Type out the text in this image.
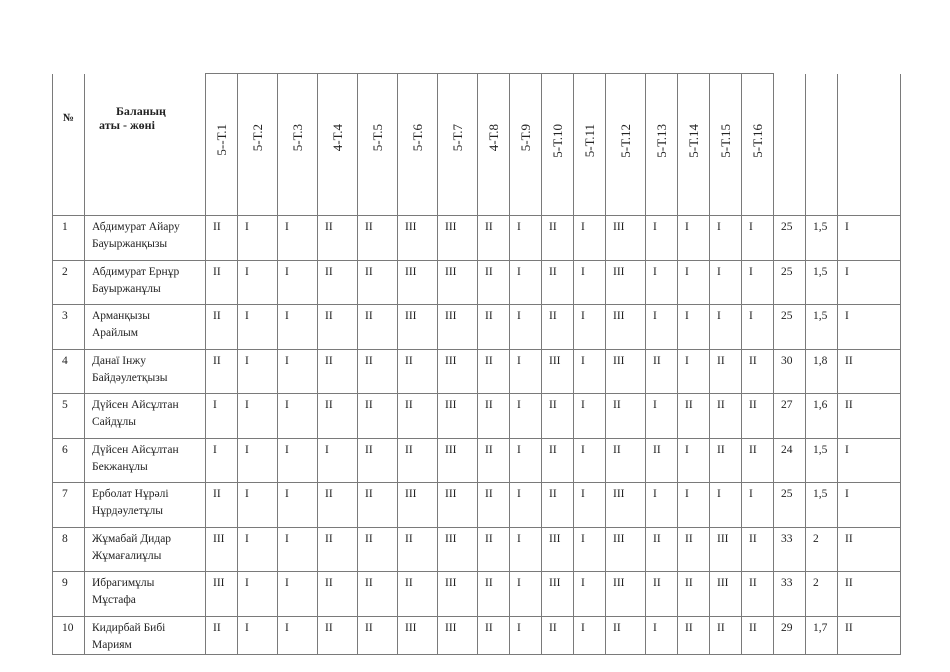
№	Баланың
аты - жөні	5--Т.1	5-Т.2	5-Т.3	4-Т.4	5-Т.5	5-Т.6	5-Т.7	4-Т.8	5-Т.9	5-Т.10	5-Т.11	5-Т.12	5-Т.13	5-Т.14	5-Т.15	5-Т.16			

1	Абдимурат Айару
Бауыржанқызы	II	I	I	II	II	III	III	II	I	II	I	III	I	I	I	I	25	1,5	I
2	Абдимурат Ернұр
Бауыржанұлы	II	I	I	II	II	III	III	II	I	II	I	III	I	I	I	I	25	1,5	I
3	Арманқызы
Арайлым	II	I	I	II	II	III	III	II	I	II	I	III	I	I	I	I	25	1,5	I
4	Данаї Інжу
Байдәулетқызы	II	I	I	II	II	II	III	II	I	III	I	III	II	I	II	II	30	1,8	II
5	Дүйсен Айсұлтан
Сайдұлы	I	I	I	II	II	II	III	II	I	II	I	II	I	II	II	II	27	1,6	II
6	Дүйсен Айсұлтан
Бекжанұлы	I	I	I	I	II	II	III	II	I	II	I	II	II	I	II	II	24	1,5	I
7	Ерболат Нұрәлі
Нұрдәулетұлы	II	I	I	II	II	III	III	II	I	II	I	III	I	I	I	I	25	1,5	I
8	Жұмабай Дидар
Жұмағалиұлы	III	I	I	II	II	II	III	II	I	III	I	III	II	II	III	II	33	2	II
9	Ибрагимұлы
Мұстафа	III	I	I	II	II	II	III	II	I	III	I	III	II	II	III	II	33	2	II
10	Кидирбай Бибі
Мариям	II	I	I	II	II	III	III	II	I	II	I	II	I	II	II	II	29	1,7	II
